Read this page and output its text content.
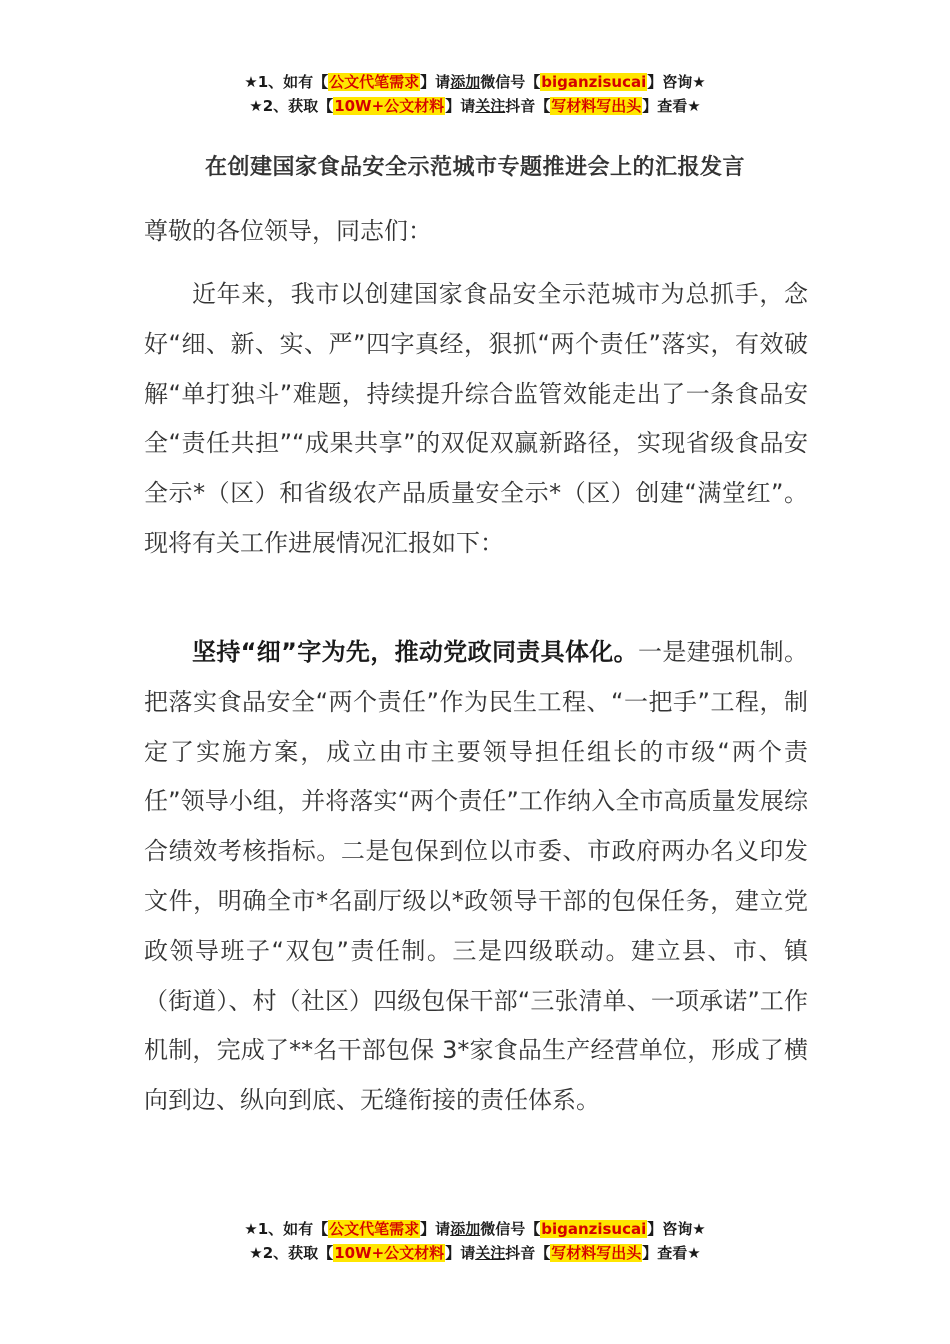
★1、如有【公文代笔需求】请添加微信号【biganzisucai】咨询★
★2、获取【10W+公文材料】请关注抖音【写材料写出头】查看★
在创建国家食品安全示范城市专题推进会上的汇报发言
尊敬的各位领导，同志们：

近年来，我市以创建国家食品安全示范城市为总抓手，念好“细、新、实、严”四字真经，狠抓“两个责任”落实，有效破解“单打独斗”难题，持续提升综合监管效能走出了一条食品安全“责任共担”“成果共享”的双促双赢新路径，实现省级食品安全示*（区）和省级农产品质量安全示*（区）创建“满堂红”。现将有关工作进展情况汇报如下：

坚持“细”字为先，推动党政同责具体化。一是建强机制。把落实食品安全“两个责任”作为民生工程、“一把手”工程，制定了实施方案，成立由市主要领导担任组长的市级“两个责任”领导小组，并将落实“两个责任”工作纳入全市高质量发展综合绩效考核指标。二是包保到位以市委、市政府两办名义印发文件，明确全市*名副厅级以*政领导干部的包保任务，建立党政领导班子“双包”责任制。三是四级联动。建立县、市、镇（街道）、村（社区）四级包保干部“三张清单、一项承诺”工作机制，完成了**名干部包保 3*家食品生产经营单位，形成了横向到边、纵向到底、无缝衔接的责任体系。

★1、如有【公文代笔需求】请添加微信号【biganzisucai】咨询★
★2、获取【10W+公文材料】请关注抖音【写材料写出头】查看★
